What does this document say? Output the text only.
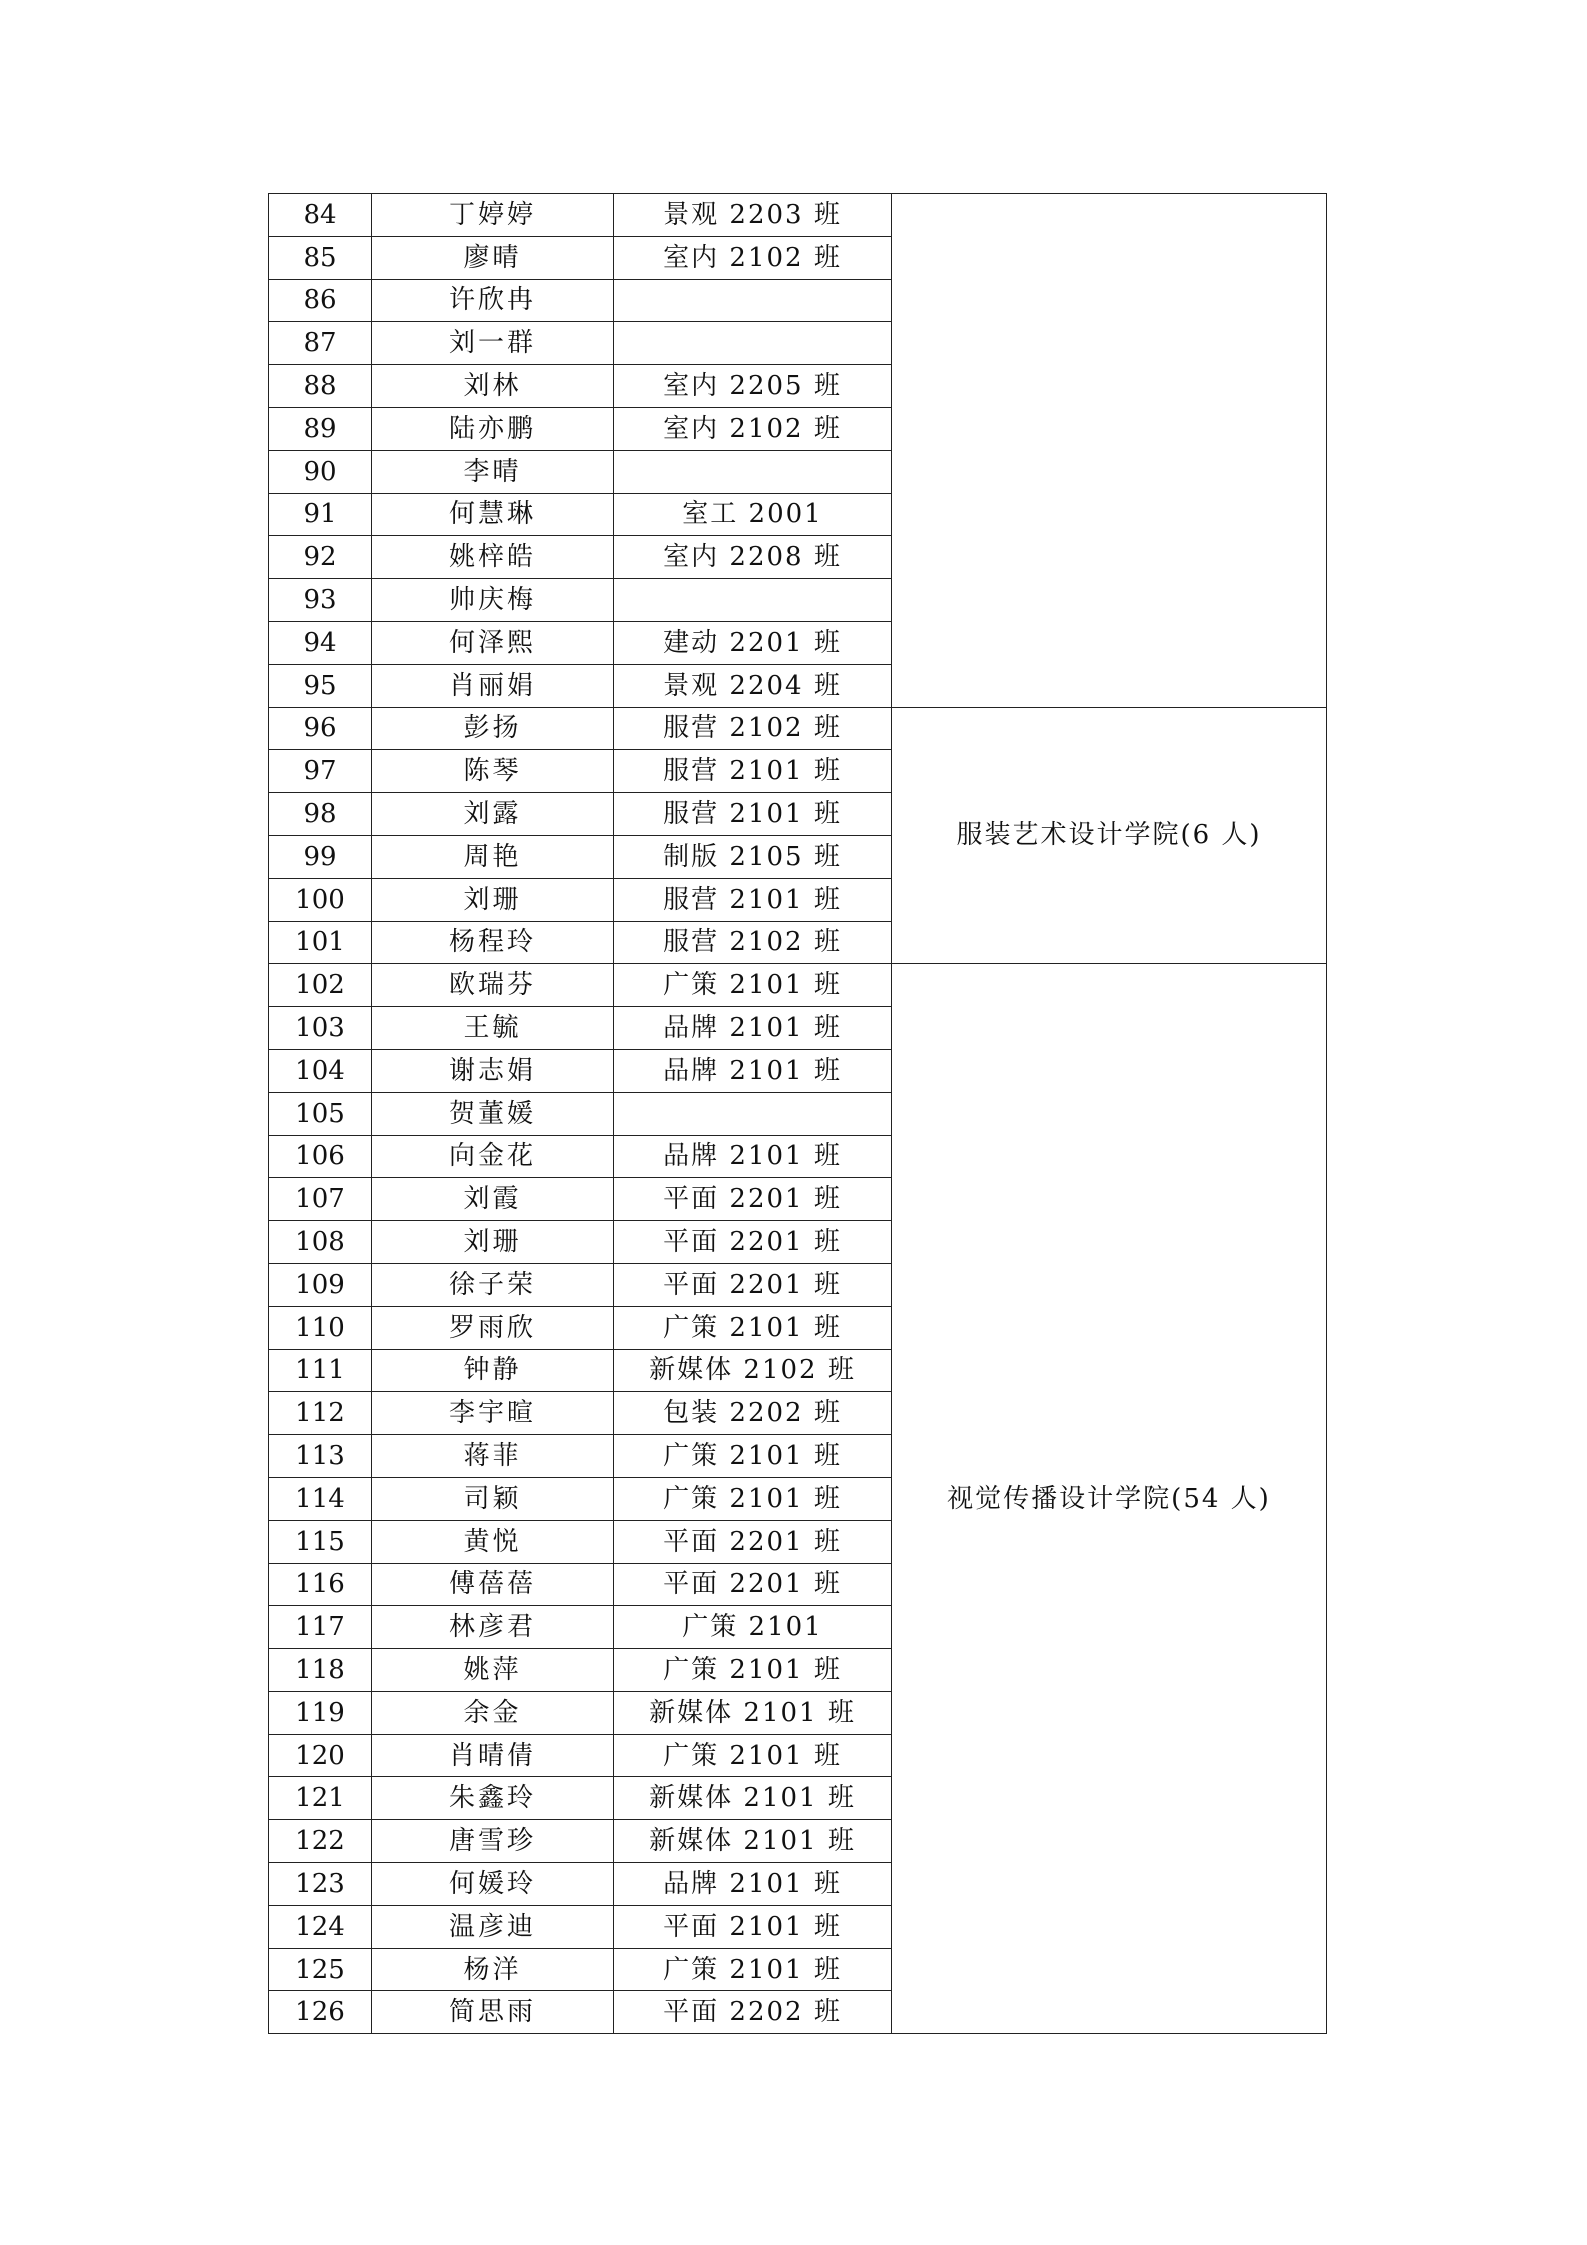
84	丁婷婷	景观 2203 班	
85	廖晴	室内 2102 班	
86	许欣冉		
87	刘一群		
88	刘林	室内 2205 班	
89	陆亦鹏	室内 2102 班	
90	李晴		
91	何慧琳	室工 2001	
92	姚梓皓	室内 2208 班	
93	帅庆梅		
94	何泽熙	建动 2201 班	
95	肖丽娟	景观 2204 班	
96	彭扬	服营 2102 班	服装艺术设计学院(6 人)
97	陈琴	服营 2101 班	
98	刘露	服营 2101 班	
99	周艳	制版 2105 班	
100	刘珊	服营 2101 班	
101	杨程玲	服营 2102 班	
102	欧瑞芬	广策 2101 班	视觉传播设计学院(54 人)
103	王毓	品牌 2101 班	
104	谢志娟	品牌 2101 班	
105	贺董媛		
106	向金花	品牌 2101 班	
107	刘霞	平面 2201 班	
108	刘珊	平面 2201 班	
109	徐子荣	平面 2201 班	
110	罗雨欣	广策 2101 班	
111	钟静	新媒体 2102 班	
112	李宇暄	包装 2202 班	
113	蒋菲	广策 2101 班	
114	司颖	广策 2101 班	
115	黄悦	平面 2201 班	
116	傅蓓蓓	平面 2201 班	
117	林彦君	广策 2101	
118	姚萍	广策 2101 班	
119	余金	新媒体 2101 班	
120	肖晴倩	广策 2101 班	
121	朱鑫玲	新媒体 2101 班	
122	唐雪珍	新媒体 2101 班	
123	何媛玲	品牌 2101 班	
124	温彦迪	平面 2101 班	
125	杨洋	广策 2101 班	
126	简思雨	平面 2202 班	
